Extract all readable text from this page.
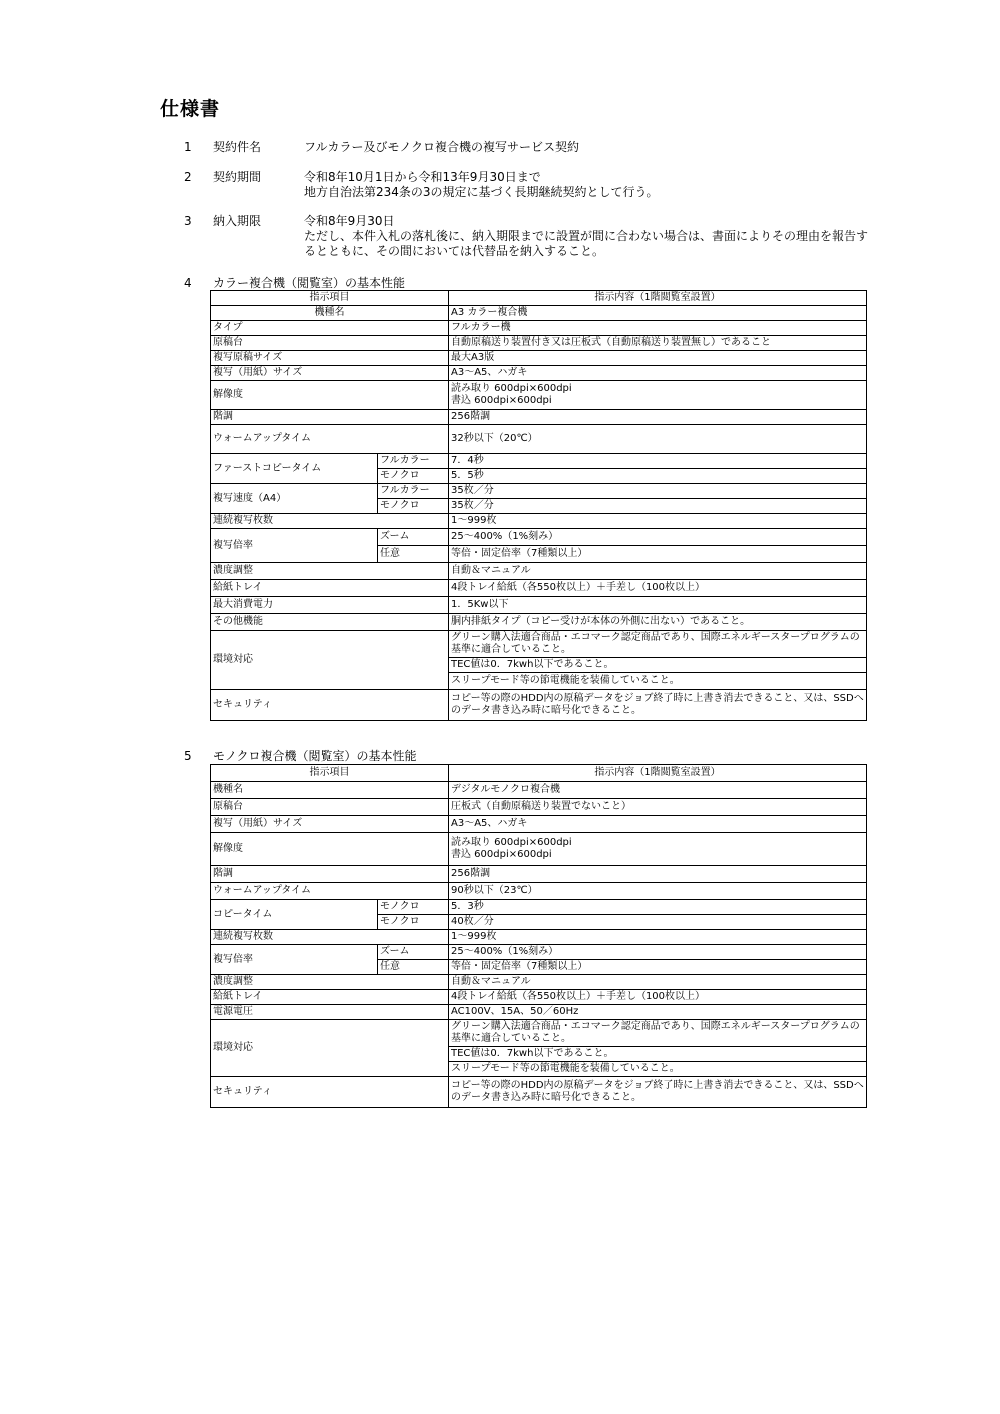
仕様書
1	契約件名	フルカラー及びモノクロ複合機の複写サービス契約
2	契約期間	令和8年10月1日から令和13年9月30日まで
地方自治法第234条の3の規定に基づく長期継続契約として行う。
3	納入期限	令和8年9月30日
ただし、本件入札の落札後に、納入期限までに設置が間に合わない場合は、書面によりその理由を報告するとともに、その間においては代替品を納入すること。
4 カラー複合機（閲覧室）の基本性能
指示項目		指示内容（1階閲覧室設置）
機種名		A3 カラー複合機
タイプ		フルカラー機
原稿台		自動原稿送り装置付き又は圧板式（自動原稿送り装置無し）であること
複写原稿サイズ		最大A3版
複写（用紙）サイズ		A3～A5、ハガキ
解像度		読み取り 600dpi×600dpi
書込 600dpi×600dpi

階調		256階調
ウォームアップタイム		32秒以下（20℃）
ファーストコピータイム	フルカラー	7．4秒
	モノクロ	5．5秒
複写速度（A4）	フルカラー	35枚／分
	モノクロ	35枚／分
連続複写枚数		1～999枚
複写倍率	ズーム	25～400%（1%刻み）
	任意	等倍・固定倍率（7種類以上）
濃度調整		自動＆マニュアル
給紙トレイ		4段トレイ給紙（各550枚以上）＋手差し（100枚以上）
最大消費電力		1．5Kw以下
その他機能		胴内排紙タイプ（コピー受けが本体の外側に出ない）であること。
環境対応		グリーン購入法適合商品・エコマーク認定商品であり、国際エネルギースタープログラムの基準に適合していること。
		TEC値は0．7kwh以下であること。
		スリープモード等の節電機能を装備していること。
セキュリティ		コピー等の際のHDD内の原稿データをジョブ終了時に上書き消去できること、又は、SSDへのデータ書き込み時に暗号化できること。
5 モノクロ複合機（閲覧室）の基本性能
指示項目		指示内容（1階閲覧室設置）
機種名		デジタルモノクロ複合機
原稿台		圧板式（自動原稿送り装置でないこと）
複写（用紙）サイズ		A3～A5、ハガキ
解像度		読み取り 600dpi×600dpi
書込 600dpi×600dpi

階調		256階調
ウォームアップタイム		90秒以下（23℃）
コピータイム	モノクロ	5．3秒
	モノクロ	40枚／分
連続複写枚数		1～999枚
複写倍率	ズーム	25～400%（1%刻み）
	任意	等倍・固定倍率（7種類以上）
濃度調整		自動＆マニュアル
給紙トレイ		4段トレイ給紙（各550枚以上）＋手差し（100枚以上）
電源電圧		AC100V、15A、50／60Hz
環境対応		グリーン購入法適合商品・エコマーク認定商品であり、国際エネルギースタープログラムの基準に適合していること。
		TEC値は0．7kwh以下であること。
		スリープモード等の節電機能を装備していること。
セキュリティ		コピー等の際のHDD内の原稿データをジョブ終了時に上書き消去できること、又は、SSDへのデータ書き込み時に暗号化できること。
